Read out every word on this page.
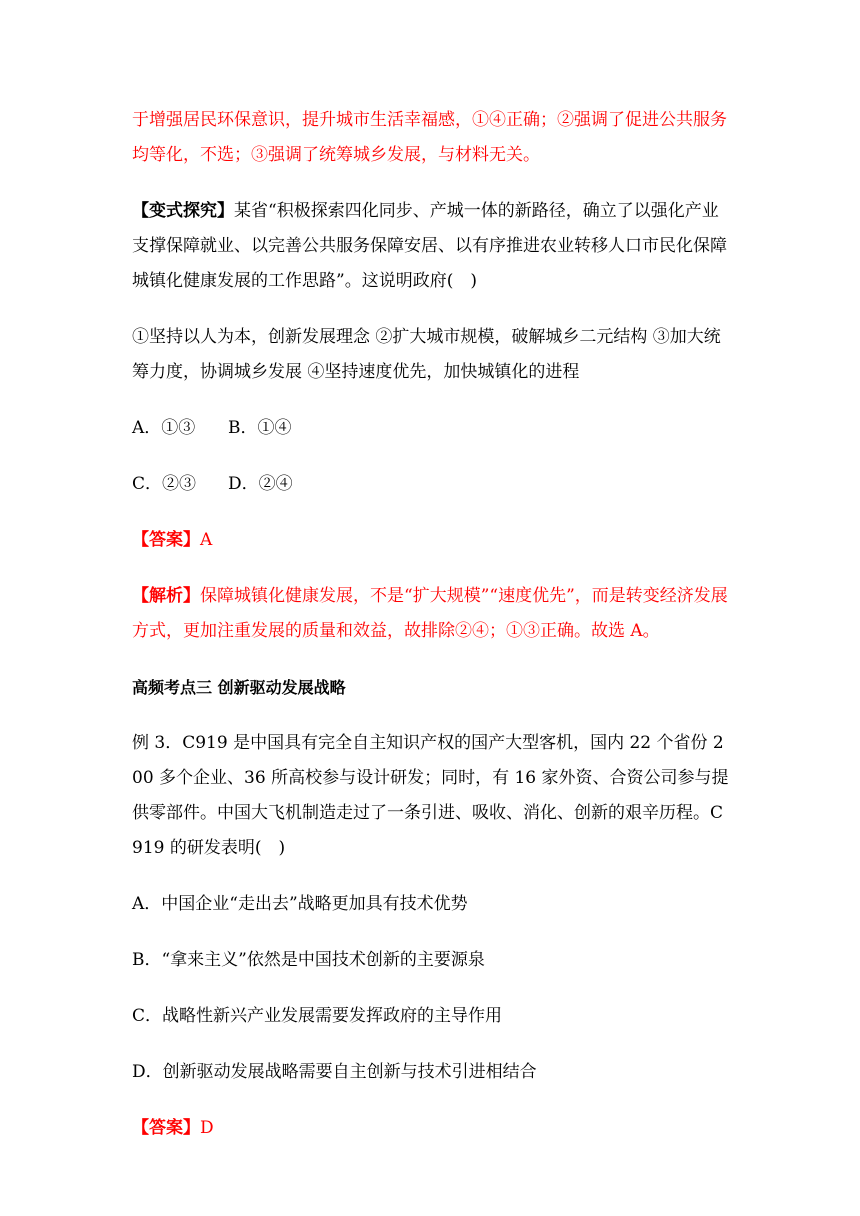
于增强居民环保意识，提升城市生活幸福感，①④正确；②强调了促进公共服务均等化，不选；③强调了统筹城乡发展，与材料无关。

【变式探究】某省“积极探索四化同步、产城一体的新路径，确立了以强化产业支撑保障就业、以完善公共服务保障安居、以有序推进农业转移人口市民化保障城镇化健康发展的工作思路”。这说明政府(　)

①坚持以人为本，创新发展理念 ②扩大城市规模，破解城乡二元结构 ③加大统筹力度，协调城乡发展 ④坚持速度优先，加快城镇化的进程

A．①③ B．①④

C．②③ D．②④

【答案】A

【解析】保障城镇化健康发展，不是“扩大规模”“速度优先”，而是转变经济发展方式，更加注重发展的质量和效益，故排除②④；①③正确。故选 A。

高频考点三 创新驱动发展战略

例 3．C919 是中国具有完全自主知识产权的国产大型客机，国内 22 个省份 200 多个企业、36 所高校参与设计研发；同时，有 16 家外资、合资公司参与提供零部件。中国大飞机制造走过了一条引进、吸收、消化、创新的艰辛历程。C919 的研发表明(　)

A．中国企业“走出去”战略更加具有技术优势

B．“拿来主义”依然是中国技术创新的主要源泉

C．战略性新兴产业发展需要发挥政府的主导作用

D．创新驱动发展战略需要自主创新与技术引进相结合

【答案】D
